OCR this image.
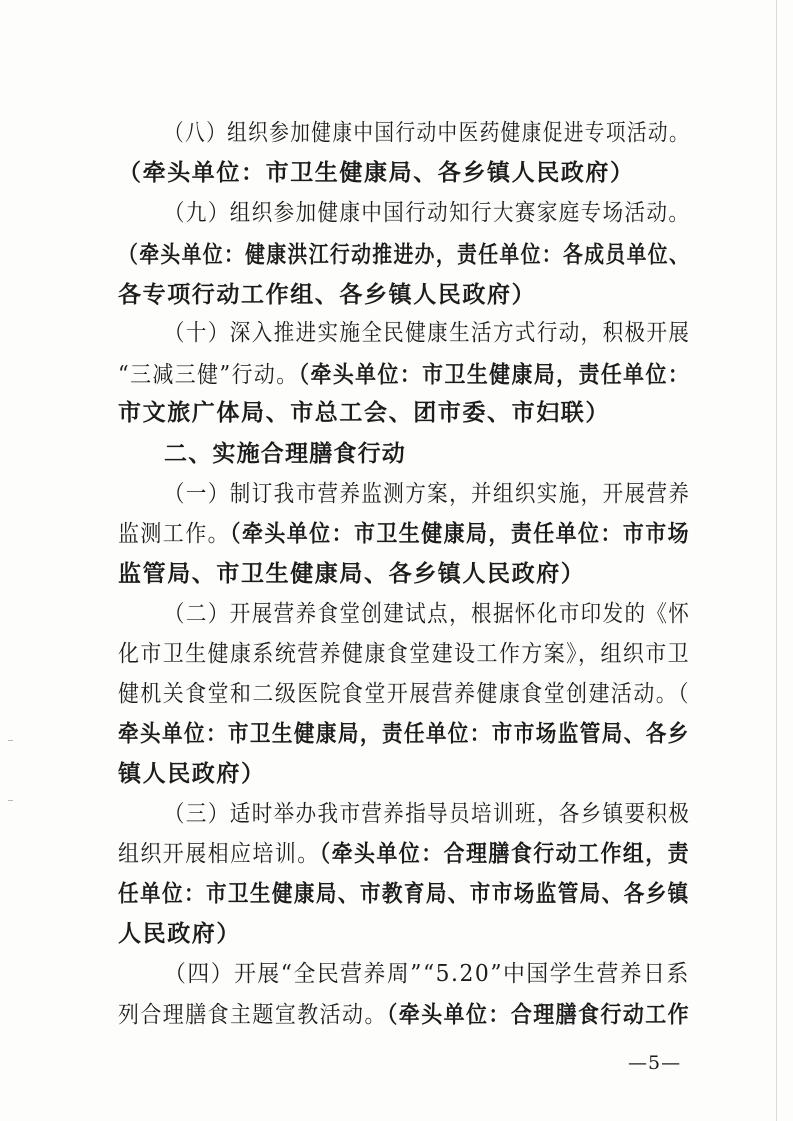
（八）组织参加健康中国行动中医药健康促进专项活动。
（牵头单位：市卫生健康局、各乡镇人民政府）
（九）组织参加健康中国行动知行大赛家庭专场活动。
（牵头单位：健康洪江行动推进办，责任单位：各成员单位、
各专项行动工作组、各乡镇人民政府）
（十）深入推进实施全民健康生活方式行动，积极开展
“三减三健”行动。（牵头单位：市卫生健康局，责任单位：
市文旅广体局、市总工会、团市委、市妇联）
二、实施合理膳食行动
（一）制订我市营养监测方案，并组织实施，开展营养
监测工作。（牵头单位：市卫生健康局，责任单位：市市场
监管局、市卫生健康局、各乡镇人民政府）
（二）开展营养食堂创建试点，根据怀化市印发的《怀
化市卫生健康系统营养健康食堂建设工作方案》，组织市卫
健机关食堂和二级医院食堂开展营养健康食堂创建活动。（
牵头单位：市卫生健康局，责任单位：市市场监管局、各乡
镇人民政府）
（三）适时举办我市营养指导员培训班，各乡镇要积极
组织开展相应培训。（牵头单位：合理膳食行动工作组，责
任单位：市卫生健康局、市教育局、市市场监管局、各乡镇
人民政府）
（四）开展“全民营养周”“5.20”中国学生营养日系
列合理膳食主题宣教活动。（牵头单位：合理膳食行动工作
—5—
